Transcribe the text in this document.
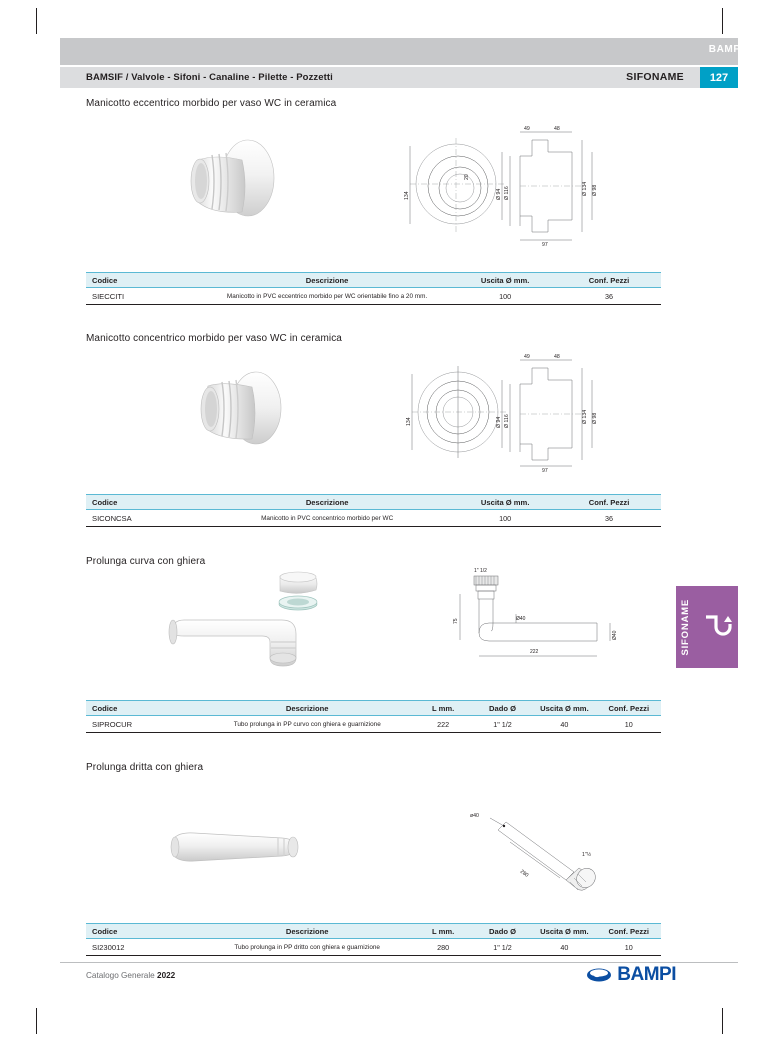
BAMPI
BAMSIF / Valvole - Sifoni - Canaline - Pilette - Pozzetti	SIFONAME	127
SIFONAME
Manicotto eccentrico morbido per vaso WC in ceramica
49	48
97
134	Ø 116
Ø 94	Ø 134 Ø 98
20
Codice	Descrizione	Uscita Ø mm.	Conf. Pezzi
SIECCITI	Manicotto in PVC eccentrico morbido per WC orientabile fino a 20 mm.	100	36
Manicotto concentrico morbido per vaso WC in ceramica
49	48
97
134	Ø 116
Ø 94	Ø 134 Ø 98
Codice	Descrizione	Uscita Ø mm.	Conf. Pezzi
SICONCSA	Manicotto in PVC concentrico morbido per WC	100	36
Prolunga curva con ghiera
1" 1/2
Ø40
222
75
Ø40
Codice	Descrizione	L mm.	Dado Ø	Uscita Ø mm.	Conf. Pezzi
SIPROCUR	Tubo prolunga in PP curvo con ghiera e guarnizione	222	1" 1/2	40	10
Prolunga dritta con ghiera
ø40
280
1"½
Codice	Descrizione	L mm.	Dado Ø	Uscita Ø mm.	Conf. Pezzi
SI230012	Tubo prolunga in PP dritto con ghiera e guarnizione	280	1" 1/2	40	10
Catalogo Generale 2022	BAMPI
